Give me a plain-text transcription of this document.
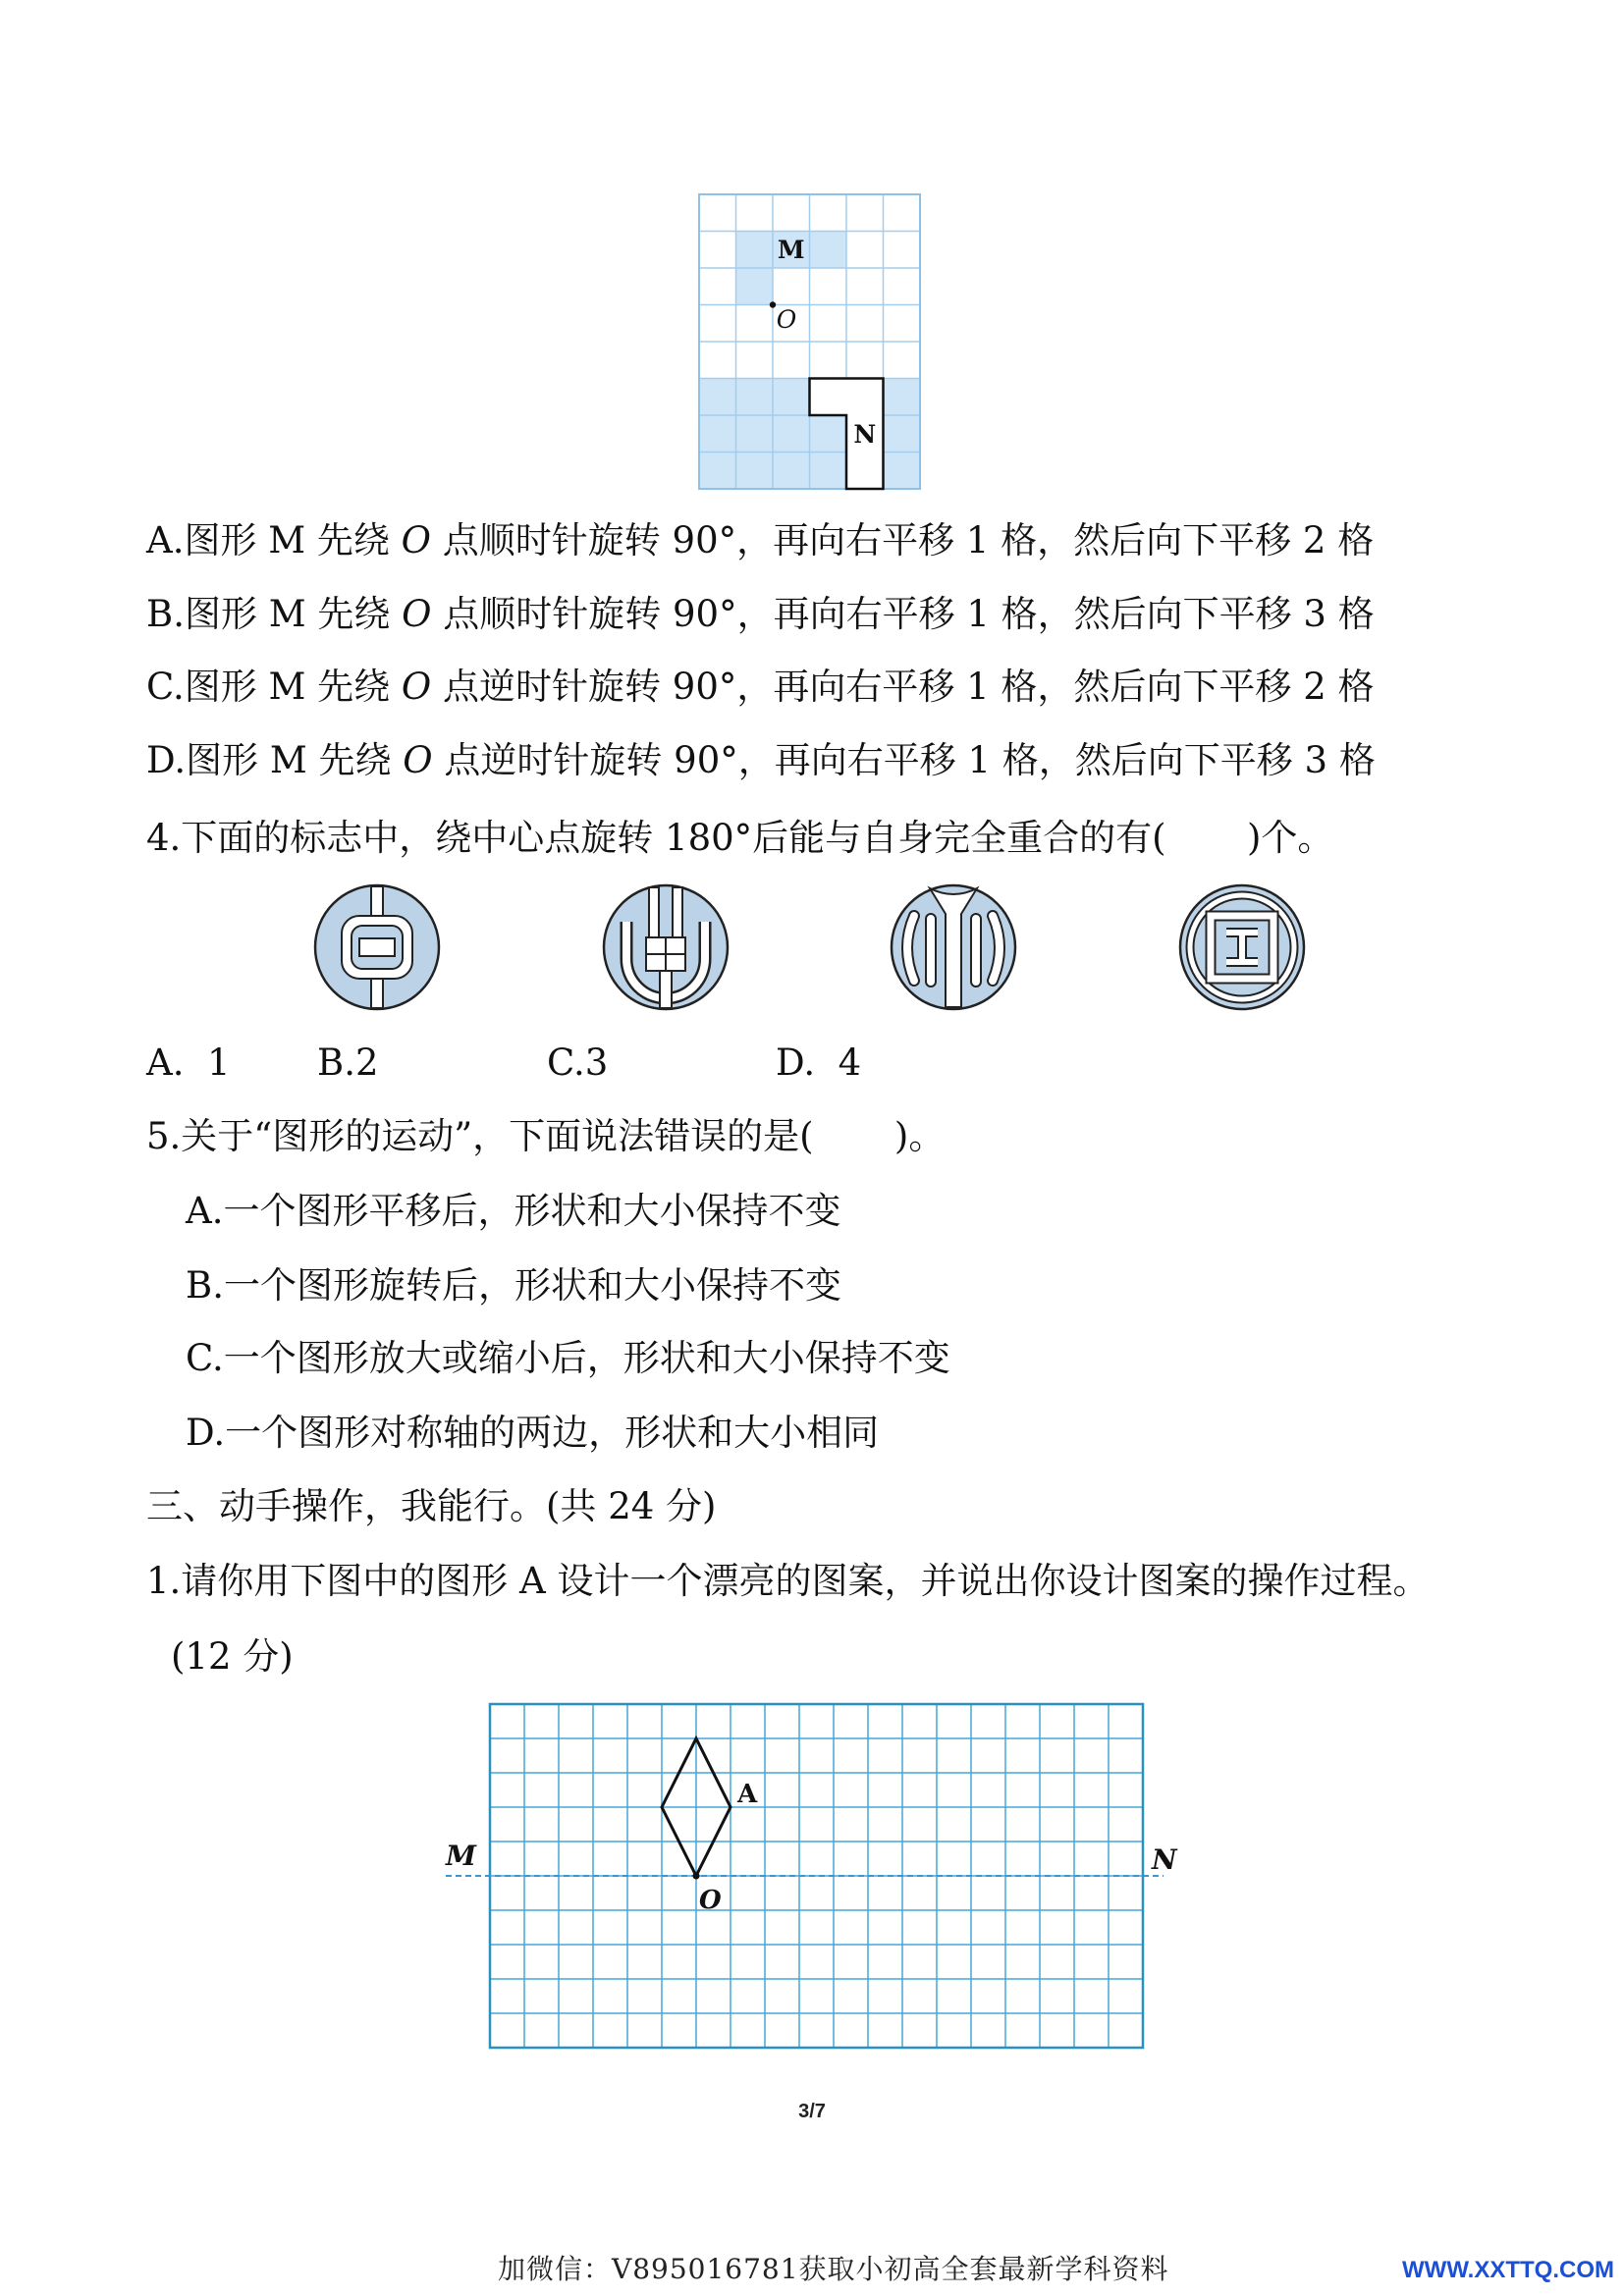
M
O
N
A.图形 M 先绕 O 点顺时针旋转 90°，再向右平移 1 格，然后向下平移 2 格
B.图形 M 先绕 O 点顺时针旋转 90°，再向右平移 1 格，然后向下平移 3 格
C.图形 M 先绕 O 点逆时针旋转 90°，再向右平移 1 格，然后向下平移 2 格
D.图形 M 先绕 O 点逆时针旋转 90°，再向右平移 1 格，然后向下平移 3 格
4.下面的标志中，绕中心点旋转 180°后能与自身完全重合的有(       )个。
A.  1 B.2	C.3	D.  4
5.关于“图形的运动”，下面说法错误的是(       )。
A.一个图形平移后，形状和大小保持不变
B.一个图形旋转后，形状和大小保持不变
C.一个图形放大或缩小后，形状和大小保持不变
D.一个图形对称轴的两边，形状和大小相同
三、动手操作，我能行。(共 24 分)
1.请你用下图中的图形 A 设计一个漂亮的图案，并说出你设计图案的操作过程。
(12 分)
A
O
M	N
3/7
加微信：V895016781获取小初高全套最新学科资料	WWW.XXTTQ.COM
